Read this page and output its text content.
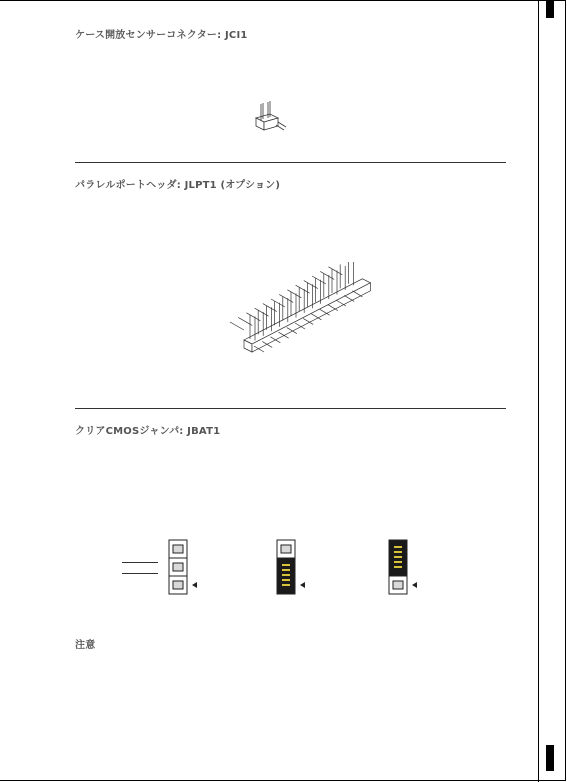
ケース開放センサーコネクター: JCI1
パラレルポートヘッダ: JLPT1 (オプション)
クリアCMOSジャンパ: JBAT1
注意
